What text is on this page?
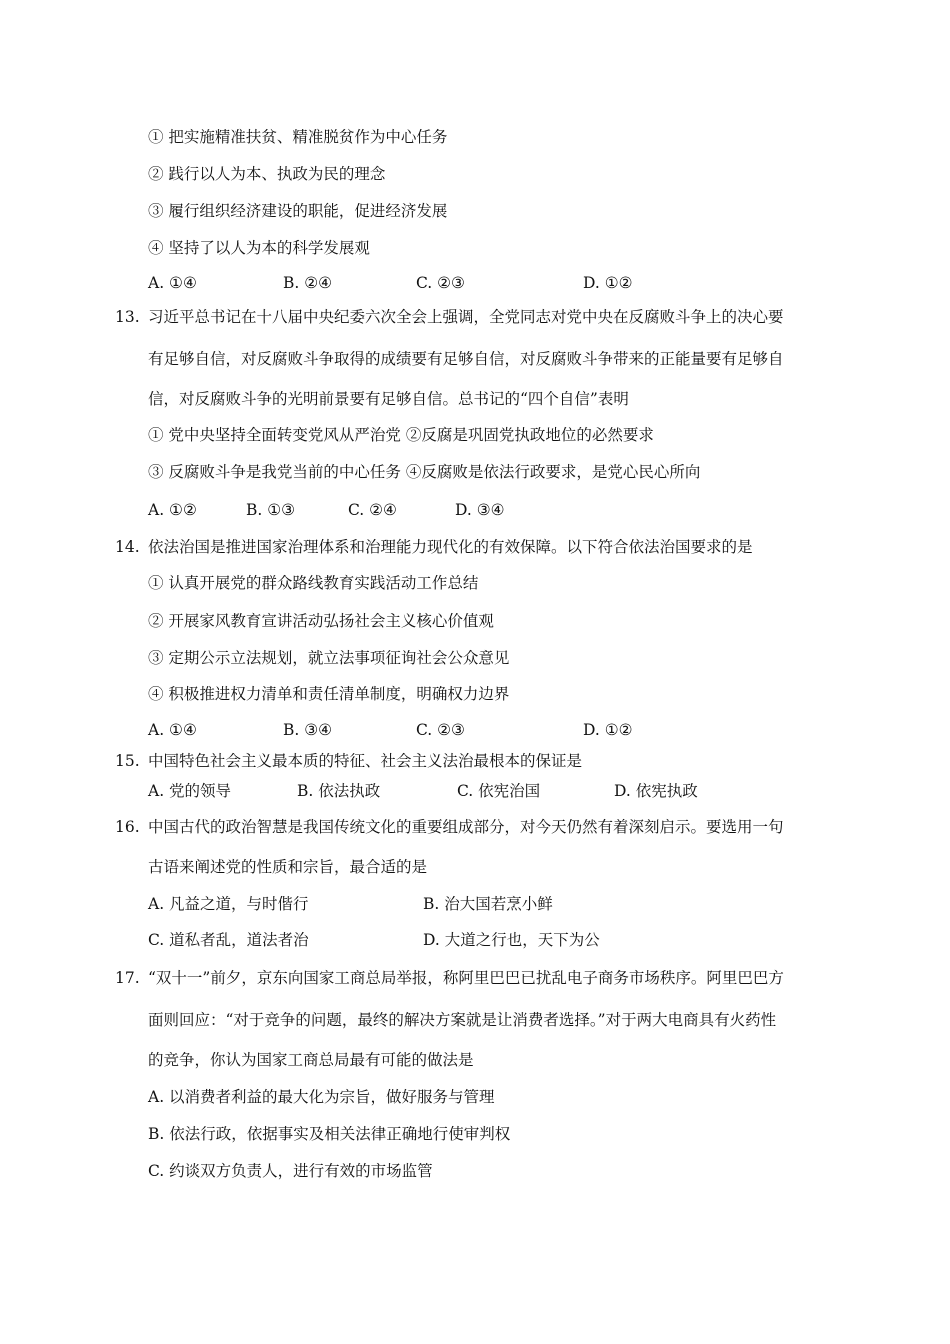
① 把实施精准扶贫、精准脱贫作为中心任务
② 践行以人为本、执政为民的理念
③ 履行组织经济建设的职能，促进经济发展
④ 坚持了以人为本的科学发展观
A. ①④	B. ②④	C. ②③	D. ①②
13. 习近平总书记在十八届中央纪委六次全会上强调，全党同志对党中央在反腐败斗争上的决心要
有足够自信，对反腐败斗争取得的成绩要有足够自信，对反腐败斗争带来的正能量要有足够自
信，对反腐败斗争的光明前景要有足够自信。总书记的“四个自信”表明
① 党中央坚持全面转变党风从严治党 ②反腐是巩固党执政地位的必然要求
③ 反腐败斗争是我党当前的中心任务 ④反腐败是依法行政要求，是党心民心所向
A. ①②	B. ①③	C. ②④	D. ③④
14. 依法治国是推进国家治理体系和治理能力现代化的有效保障。以下符合依法治国要求的是
① 认真开展党的群众路线教育实践活动工作总结
② 开展家风教育宣讲活动弘扬社会主义核心价值观
③ 定期公示立法规划，就立法事项征询社会公众意见
④ 积极推进权力清单和责任清单制度，明确权力边界
A. ①④	B. ③④	C. ②③	D. ①②
15. 中国特色社会主义最本质的特征、社会主义法治最根本的保证是
A. 党的领导	B. 依法执政	C. 依宪治国	D. 依宪执政
16. 中国古代的政治智慧是我国传统文化的重要组成部分，对今天仍然有着深刻启示。要选用一句
古语来阐述党的性质和宗旨，最合适的是
A. 凡益之道，与时偕行	B. 治大国若烹小鲜
C. 道私者乱，道法者治	D. 大道之行也，天下为公
17. “双十一”前夕，京东向国家工商总局举报，称阿里巴巴已扰乱电子商务市场秩序。阿里巴巴方
面则回应：“对于竞争的问题，最终的解决方案就是让消费者选择。”对于两大电商具有火药性
的竞争，你认为国家工商总局最有可能的做法是
A. 以消费者利益的最大化为宗旨，做好服务与管理
B. 依法行政，依据事实及相关法律正确地行使审判权
C. 约谈双方负责人，进行有效的市场监管
